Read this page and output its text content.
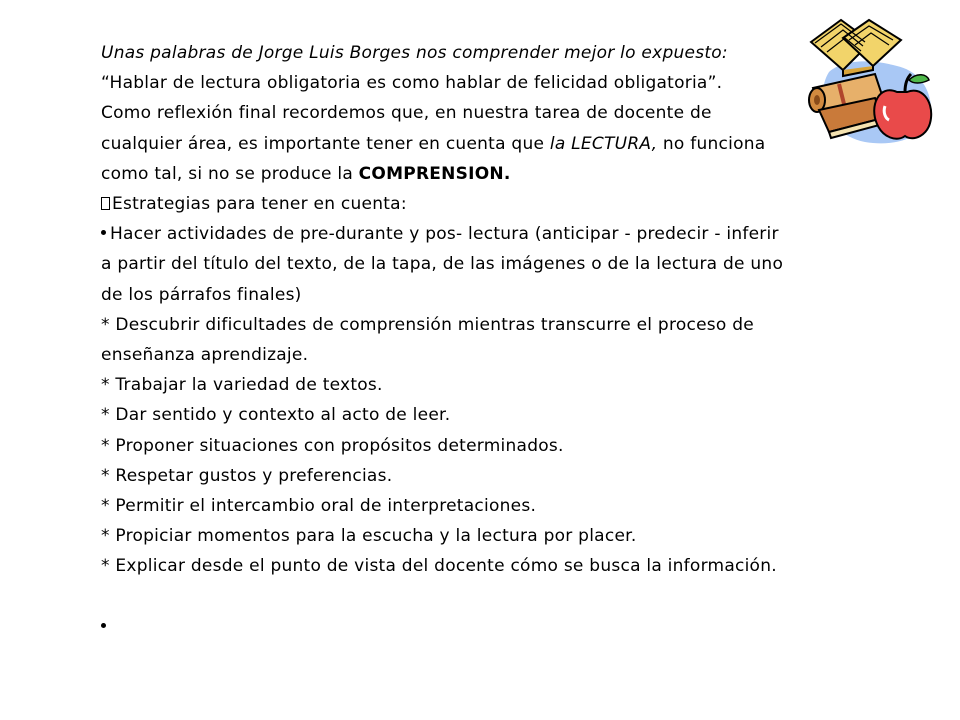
Unas palabras de Jorge Luis Borges nos comprender mejor lo expuesto:
“Hablar de lectura obligatoria es como hablar de felicidad obligatoria”.
Como reflexión final recordemos que, en nuestra tarea de docente de
cualquier área, es importante tener en cuenta que la LECTURA, no funciona
como tal, si no se produce la COMPRENSION.
Estrategias para tener en cuenta:
Hacer actividades de pre-durante y pos- lectura (anticipar - predecir - inferir
a partir del título del texto, de la tapa, de las imágenes o de la lectura de uno
de los párrafos finales)
* Descubrir dificultades de comprensión mientras transcurre el proceso de
enseñanza aprendizaje.
* Trabajar la variedad de textos.
* Dar sentido y contexto al acto de leer.
* Proponer situaciones con propósitos determinados.
* Respetar gustos y preferencias.
* Permitir el intercambio oral de interpretaciones.
* Propiciar momentos para la escucha y la lectura por placer.
* Explicar desde el punto de vista del docente cómo se busca la información.
